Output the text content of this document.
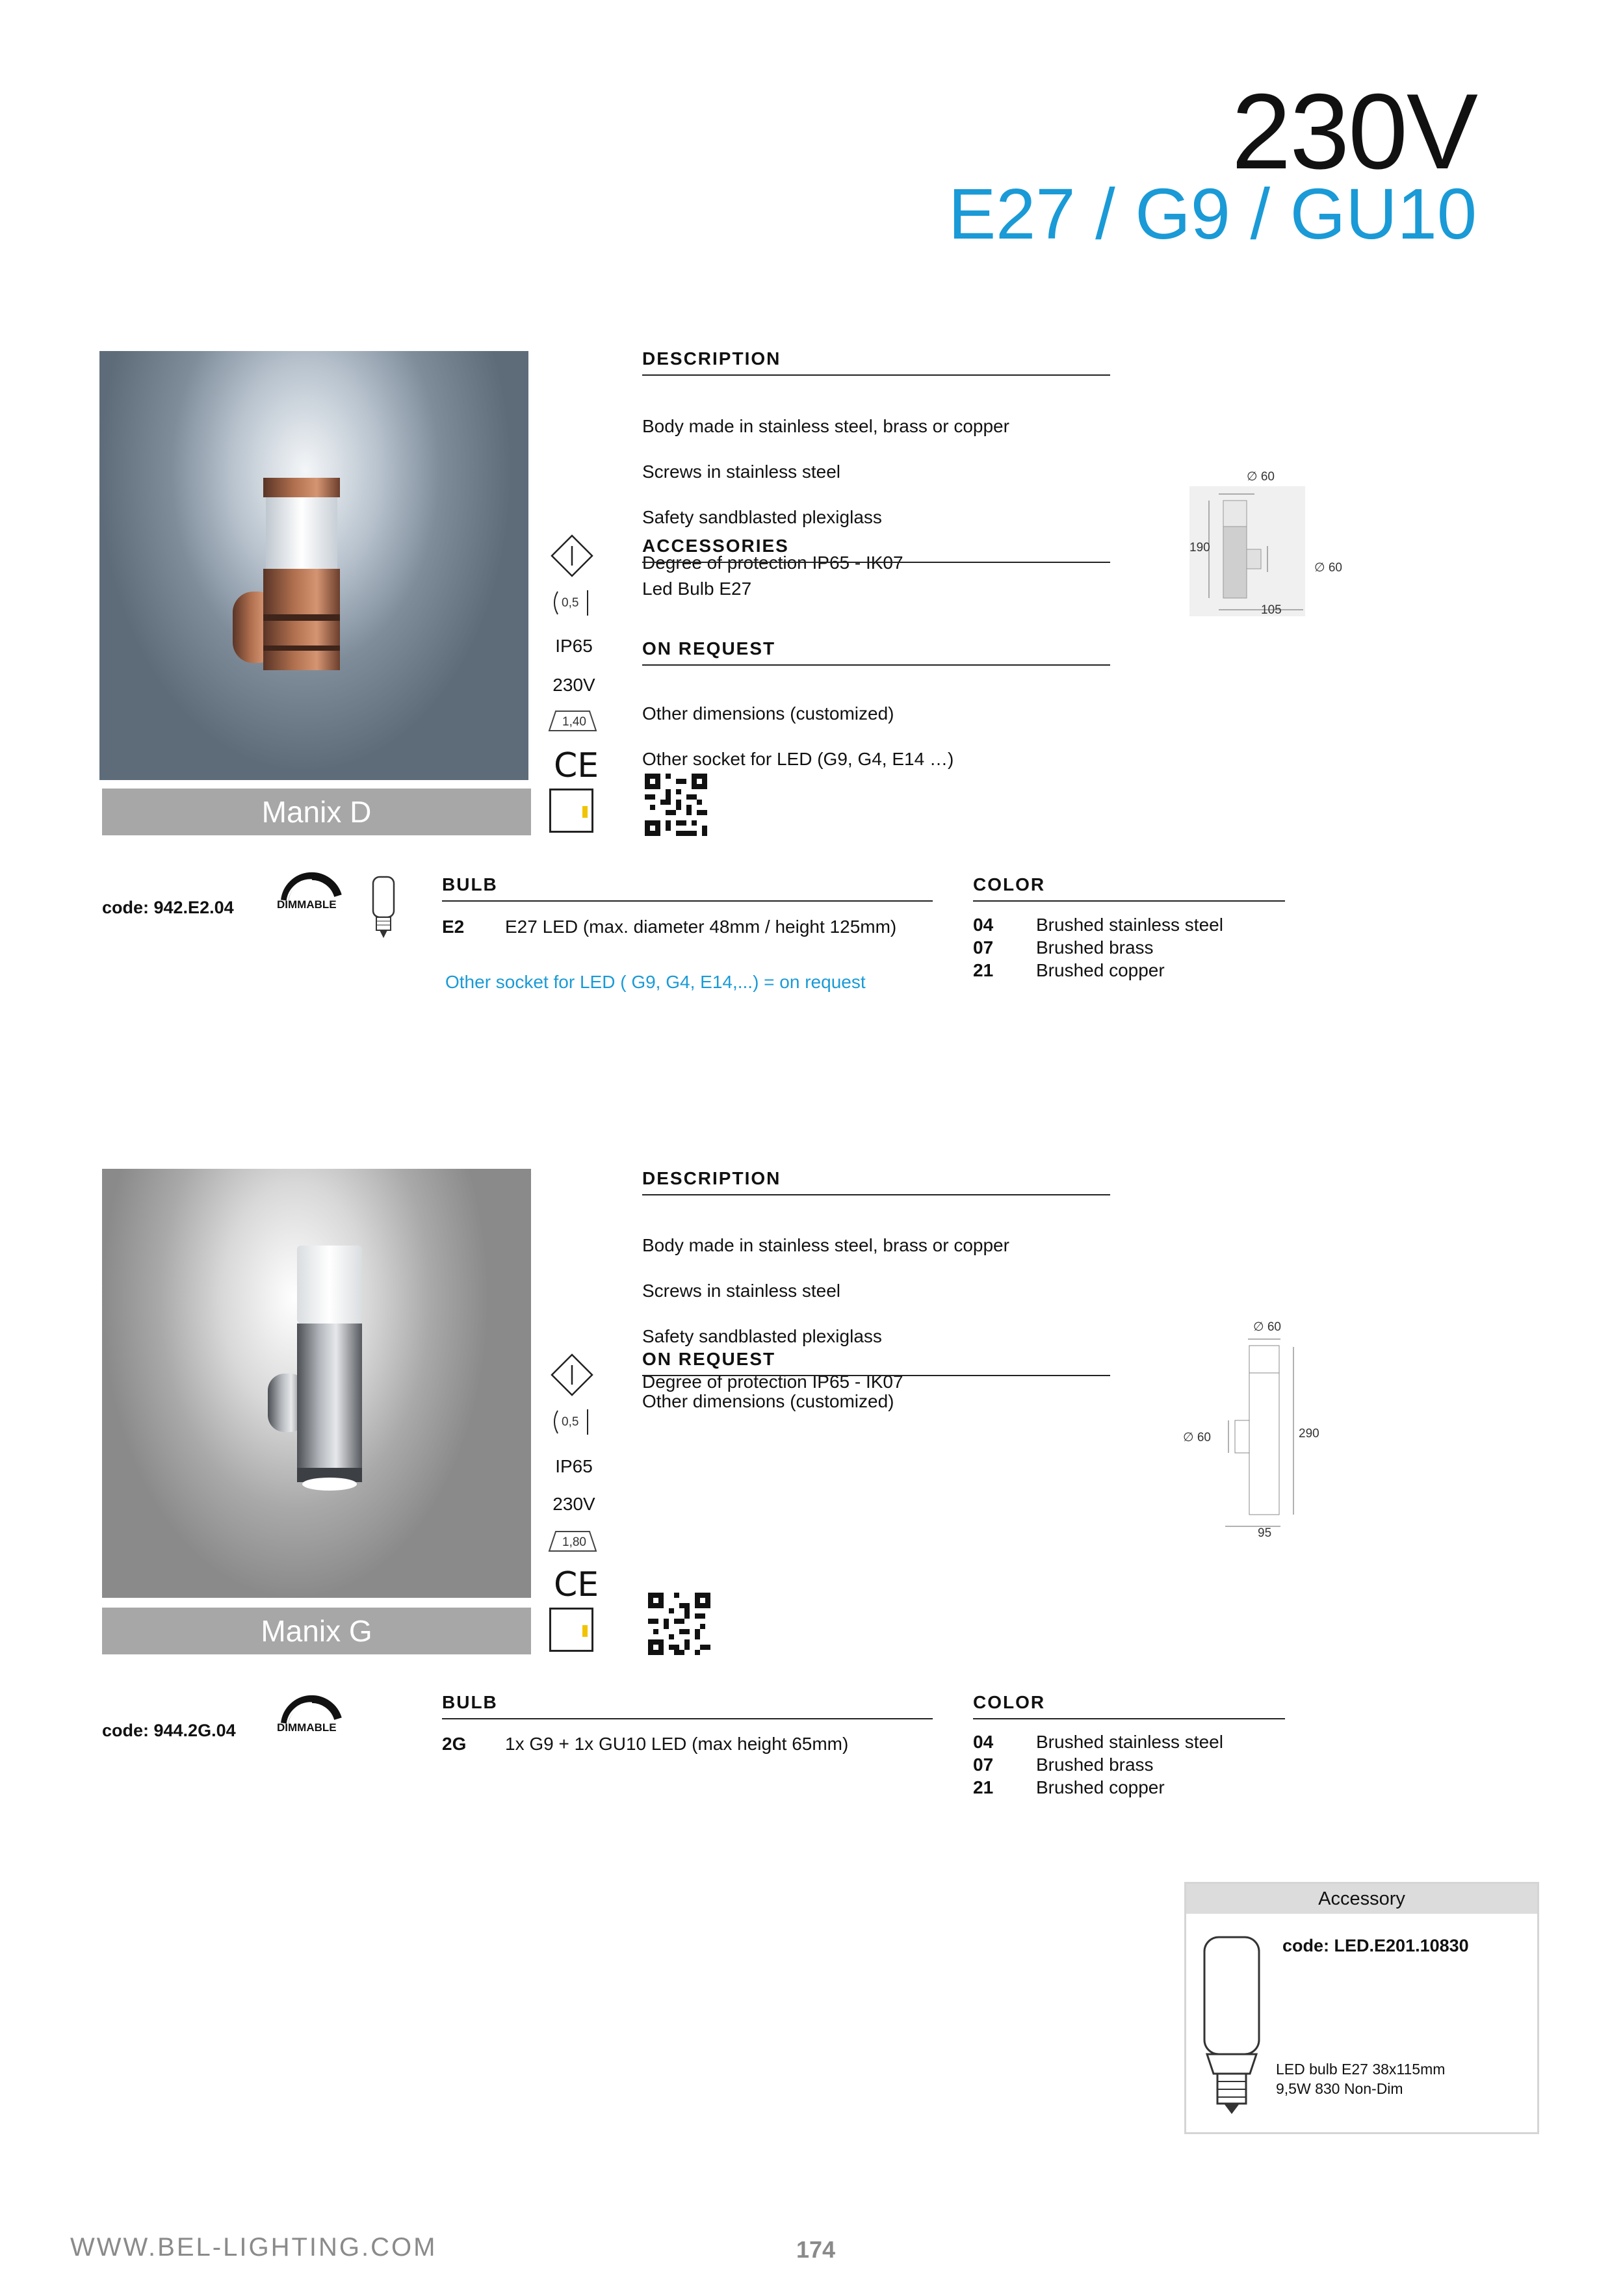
230V
E27 / G9 / GU10
Manix D
0,5
IP65
230V
1,40
CE
DESCRIPTION

Body made in stainless steel, brass or copper

Screws in stainless steel

Safety sandblasted plexiglass

Degree of protection IP65 - IK07

ACCESSORIES
Led Bulb E27
ON REQUEST

Other dimensions (customized)

Other socket for LED (G9, G4, E14 …)

∅ 60
190
∅ 60
105
code: 942.E2.04	DIMMABLE
BULB
E2	E27 LED (max. diameter 48mm / height 125mm)
Other socket for LED ( G9, G4, E14,...) = on request
COLOR
04	Brushed stainless steel
07	Brushed brass
21	Brushed copper
Manix G
0,5
IP65
230V
1,80
CE
DESCRIPTION

Body made in stainless steel, brass or copper

Screws in stainless steel

Safety sandblasted plexiglass

Degree of protection IP65 - IK07

ON REQUEST
Other dimensions (customized)
∅ 60
290
∅ 60
95
code: 944.2G.04	DIMMABLE
BULB
2G	1x G9 + 1x GU10 LED (max height 65mm)
COLOR
04	Brushed stainless steel
07	Brushed brass
21	Brushed copper
Accessory
code: LED.E201.10830
LED bulb E27 38x115mm
9,5W 830 Non-Dim
WWW.BEL-LIGHTING.COM	174
